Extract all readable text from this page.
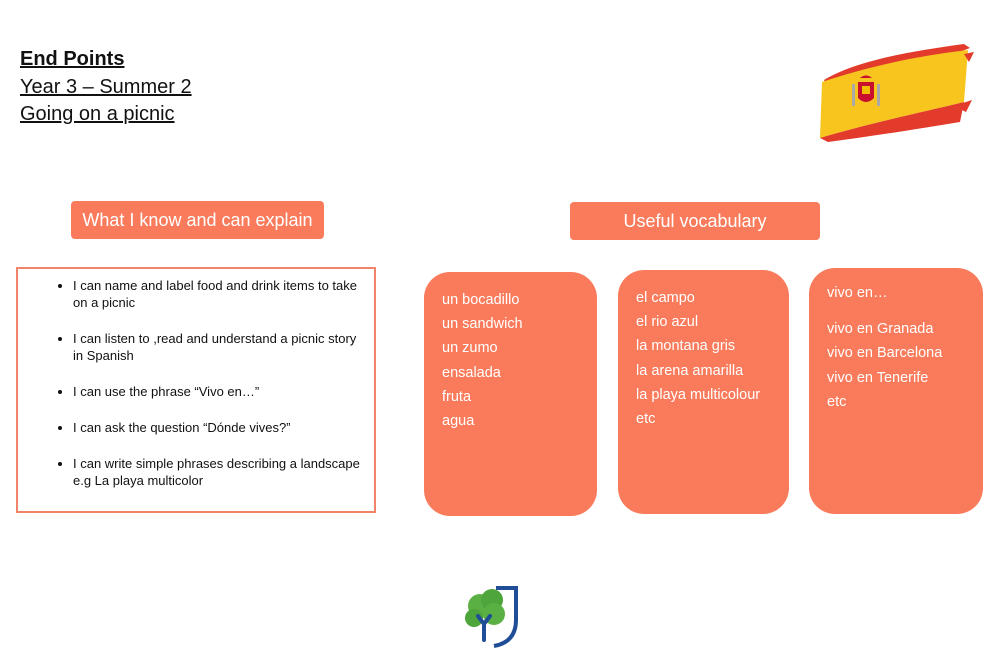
End Points
Year 3 – Summer 2
Going on a picnic
What I know and can explain	Useful vocabulary
• I can name and label food and drink items to take on a picnic
• I can listen to ,read and understand a picnic story in Spanish
• I can use the phrase “Vivo en…”
• I can ask the question “Dónde vives?”
• I can write simple phrases describing a landscape e.g La playa multicolor
un bocadillo
un sandwich
un zumo
ensalada
fruta
agua
el campo
el rio azul
la montana gris
la arena amarilla
la playa multicolour
etc
vivo en…
vivo en Granada
vivo en Barcelona
vivo en Tenerife
etc
